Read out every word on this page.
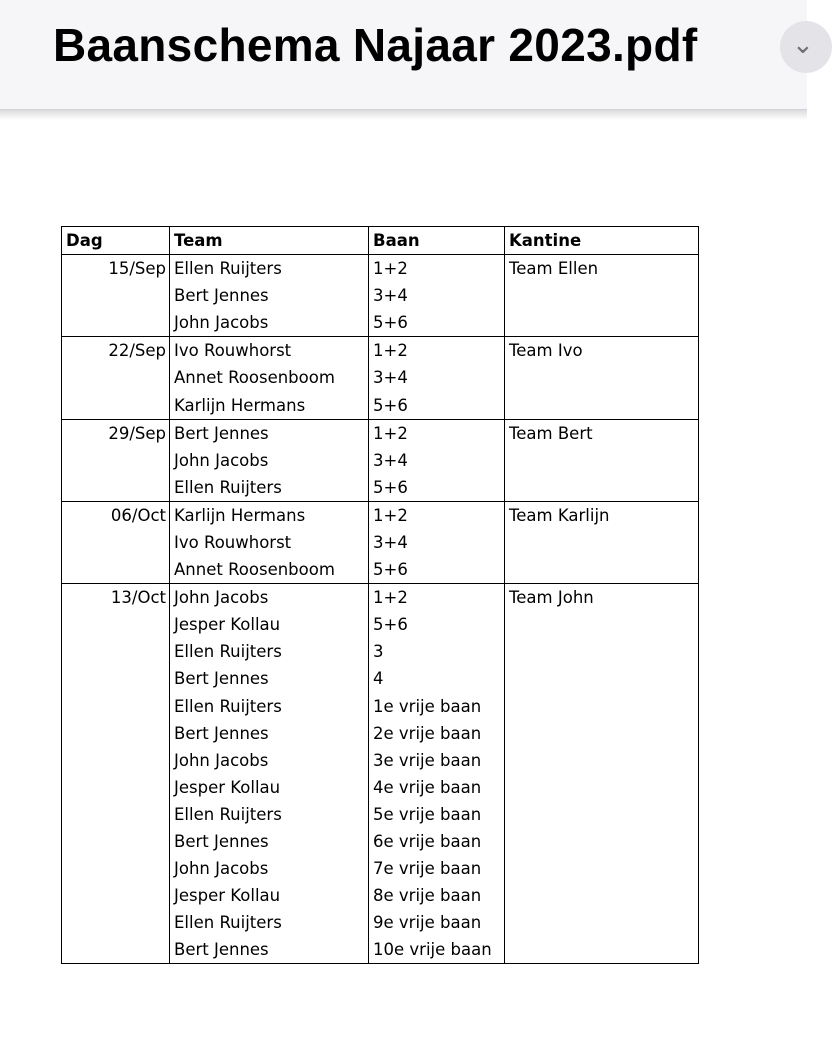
Baanschema Najaar 2023.pdf	⌄
Dag	Team	Baan	Kantine
15/Sep	Ellen Ruijters	1+2	Team Ellen
	Bert Jennes	3+4	
	John Jacobs	5+6	
22/Sep	Ivo Rouwhorst	1+2	Team Ivo
	Annet Roosenboom	3+4	
	Karlijn Hermans	5+6	
29/Sep	Bert Jennes	1+2	Team Bert
	John Jacobs	3+4	
	Ellen Ruijters	5+6	
06/Oct	Karlijn Hermans	1+2	Team Karlijn
	Ivo Rouwhorst	3+4	
	Annet Roosenboom	5+6	
13/Oct	John Jacobs	1+2	Team John
	Jesper Kollau	5+6	
	Ellen Ruijters	3	
	Bert Jennes	4	
	Ellen Ruijters	1e vrije baan	
	Bert Jennes	2e vrije baan	
	John Jacobs	3e vrije baan	
	Jesper Kollau	4e vrije baan	
	Ellen Ruijters	5e vrije baan	
	Bert Jennes	6e vrije baan	
	John Jacobs	7e vrije baan	
	Jesper Kollau	8e vrije baan	
	Ellen Ruijters	9e vrije baan	
	Bert Jennes	10e vrije baan	
